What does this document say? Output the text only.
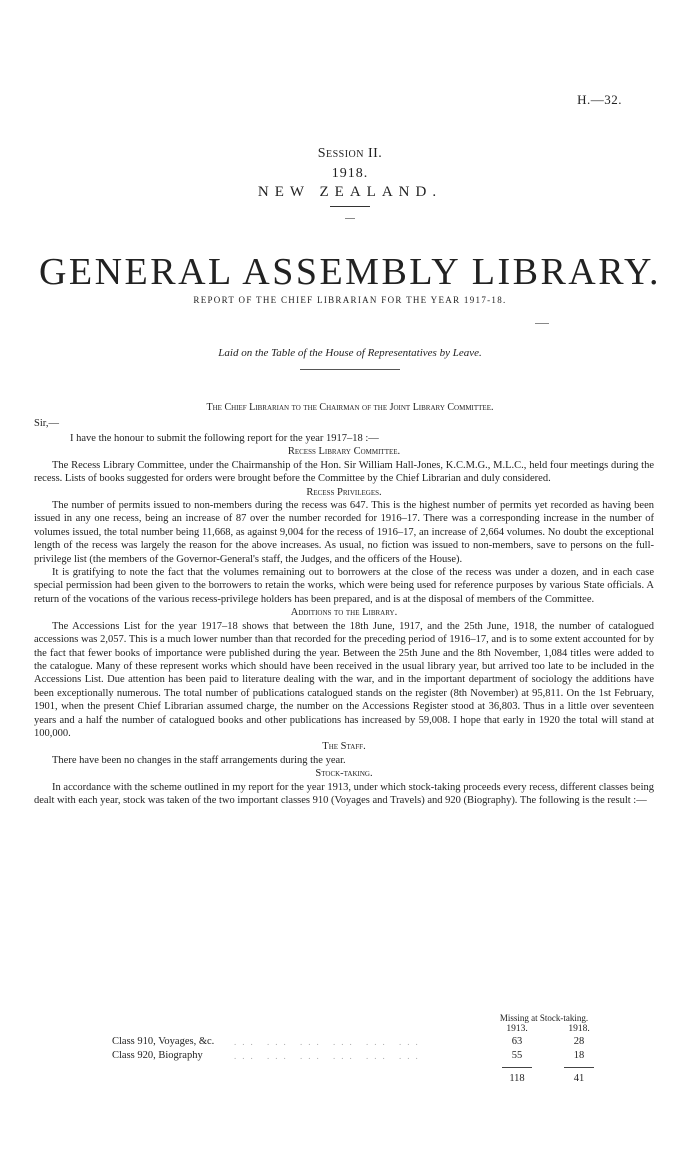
H.—32.
Session II.
1918.
NEW ZEALAND.
GENERAL ASSEMBLY LIBRARY.
REPORT OF THE CHIEF LIBRARIAN FOR THE YEAR 1917-18.
Laid on the Table of the House of Representatives by Leave.
The Chief Librarian to the Chairman of the Joint Library Committee.
Sir,—

I have the honour to submit the following report for the year 1917–18 :—

Recess Library Committee.

The Recess Library Committee, under the Chairmanship of the Hon. Sir William Hall-Jones, K.C.M.G., M.L.C., held four meetings during the recess. Lists of books suggested for orders were brought before the Committee by the Chief Librarian and duly considered.

Recess Privileges.

The number of permits issued to non-members during the recess was 647. This is the highest number of permits yet recorded as having been issued in any one recess, being an increase of 87 over the number recorded for 1916–17. There was a corresponding increase in the number of volumes issued, the total number being 11,668, as against 9,004 for the recess of 1916–17, an increase of 2,664 volumes. No doubt the exceptional length of the recess was largely the reason for the above increases. As usual, no fiction was issued to non-members, save to persons on the full-privilege list (the members of the Governor-General's staff, the Judges, and the officers of the House).

It is gratifying to note the fact that the volumes remaining out to borrowers at the close of the recess was under a dozen, and in each case special permission had been given to the borrowers to retain the works, which were being used for reference purposes by various State officials. A return of the vocations of the various recess-privilege holders has been prepared, and is at the disposal of members of the Committee.

Additions to the Library.

The Accessions List for the year 1917–18 shows that between the 18th June, 1917, and the 25th June, 1918, the number of catalogued accessions was 2,057. This is a much lower number than that recorded for the preceding period of 1916–17, and is to some extent accounted for by the fact that fewer books of importance were published during the year. Between the 25th June and the 8th November, 1,084 titles were added to the catalogue. Many of these represent works which should have been received in the usual library year, but arrived too late to be included in the Accessions List. Due attention has been paid to literature dealing with the war, and in the important department of sociology the additions have been exceptionally numerous. The total number of publications catalogued stands on the register (8th November) at 95,811. On the 1st February, 1901, when the present Chief Librarian assumed charge, the number on the Accessions Register stood at 36,803. Thus in a little over seventeen years and a half the number of catalogued books and other publications has increased by 59,008. I hope that early in 1920 the total will stand at 100,000.

The Staff.

There have been no changes in the staff arrangements during the year.

Stock-taking.

In accordance with the scheme outlined in my report for the year 1913, under which stock-taking proceeds every recess, different classes being dealt with each year, stock was taken of the two important classes 910 (Voyages and Travels) and 920 (Biography). The following is the result :—

Missing at Stock-taking.
1913.	1918.
Class 910, Voyages, &c. ... ... ... ... ... ...	63	28
Class 920, Biography	... ... ... ... ... ...	55	18
118	41
